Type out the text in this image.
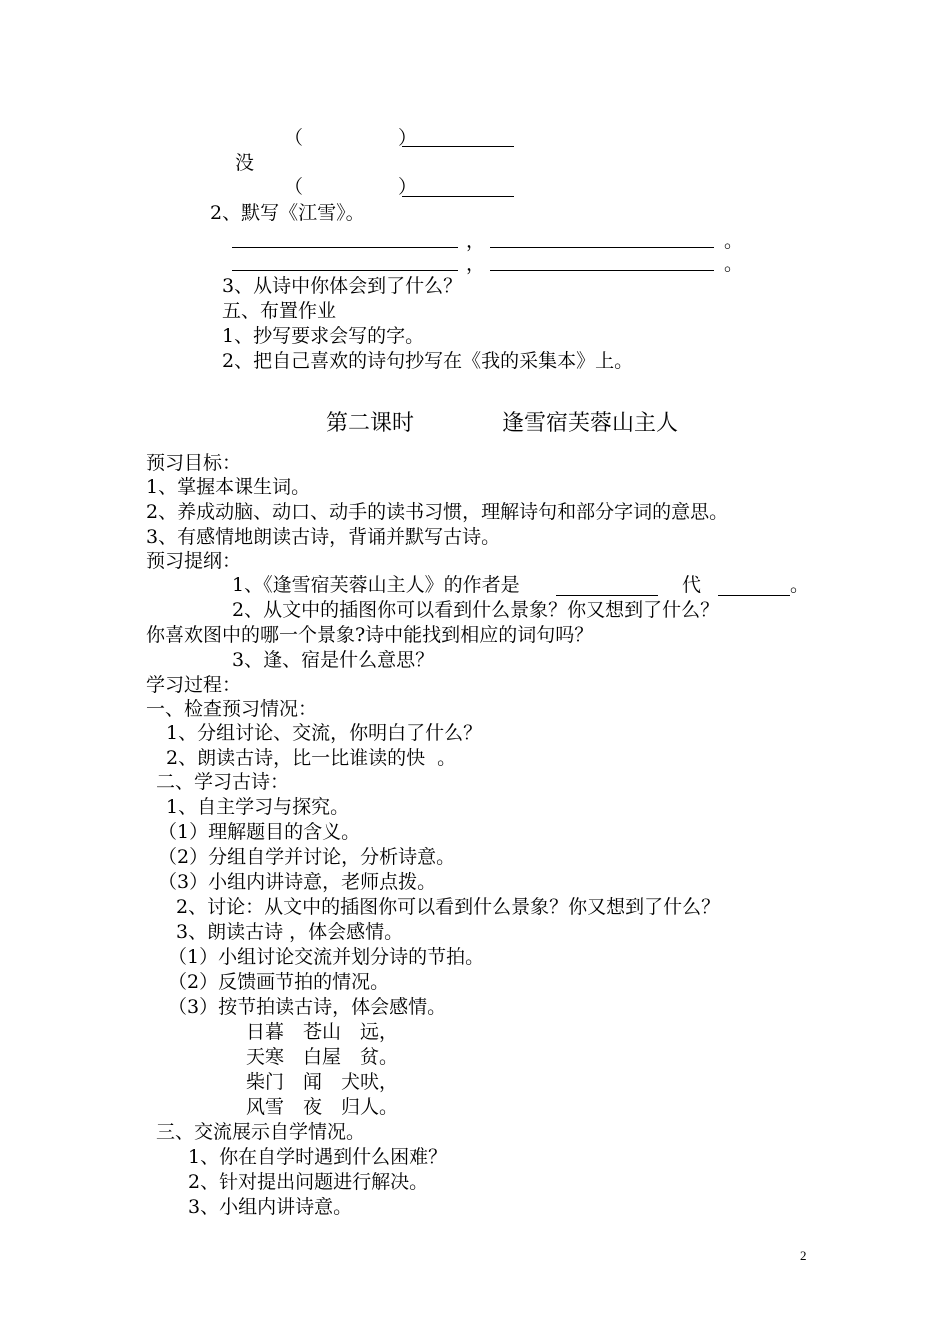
（　　　　　）
没
（　　　　　）
2、默写《江雪》。
，	。
，	。
3、从诗中你体会到了什么？
五、布置作业
1、抄写要求会写的字。
2、把自己喜欢的诗句抄写在《我的采集本》上。
第二课时	逢雪宿芙蓉山主人
预习目标：
1、掌握本课生词。
2、养成动脑、动口、动手的读书习惯，理解诗句和部分字词的意思。
3、有感情地朗读古诗，背诵并默写古诗。
预习提纲：
1、《逢雪宿芙蓉山主人》的作者是	代	。
2、从文中的插图你可以看到什么景象？你又想到了什么？
你喜欢图中的哪一个景象?诗中能找到相应的词句吗？
3、逢、宿是什么意思？
学习过程：
一、检查预习情况：
1、分组讨论、交流，你明白了什么？
2、朗读古诗，比一比谁读的快  。
二、学习古诗：
1、自主学习与探究。
（1）理解题目的含义。
（2）分组自学并讨论，分析诗意。
（3）小组内讲诗意，老师点拨。
2、讨论：从文中的插图你可以看到什么景象？你又想到了什么？
3、朗读古诗 ，体会感情。
（1）小组讨论交流并划分诗的节拍。
（2）反馈画节拍的情况。
（3）按节拍读古诗，体会感情。
日暮　苍山　远，
天寒　白屋　贫。
柴门　闻　犬吠，
风雪　夜　归人。
三、交流展示自学情况。
1、你在自学时遇到什么困难？
2、针对提出问题进行解决。
3、小组内讲诗意。
2
